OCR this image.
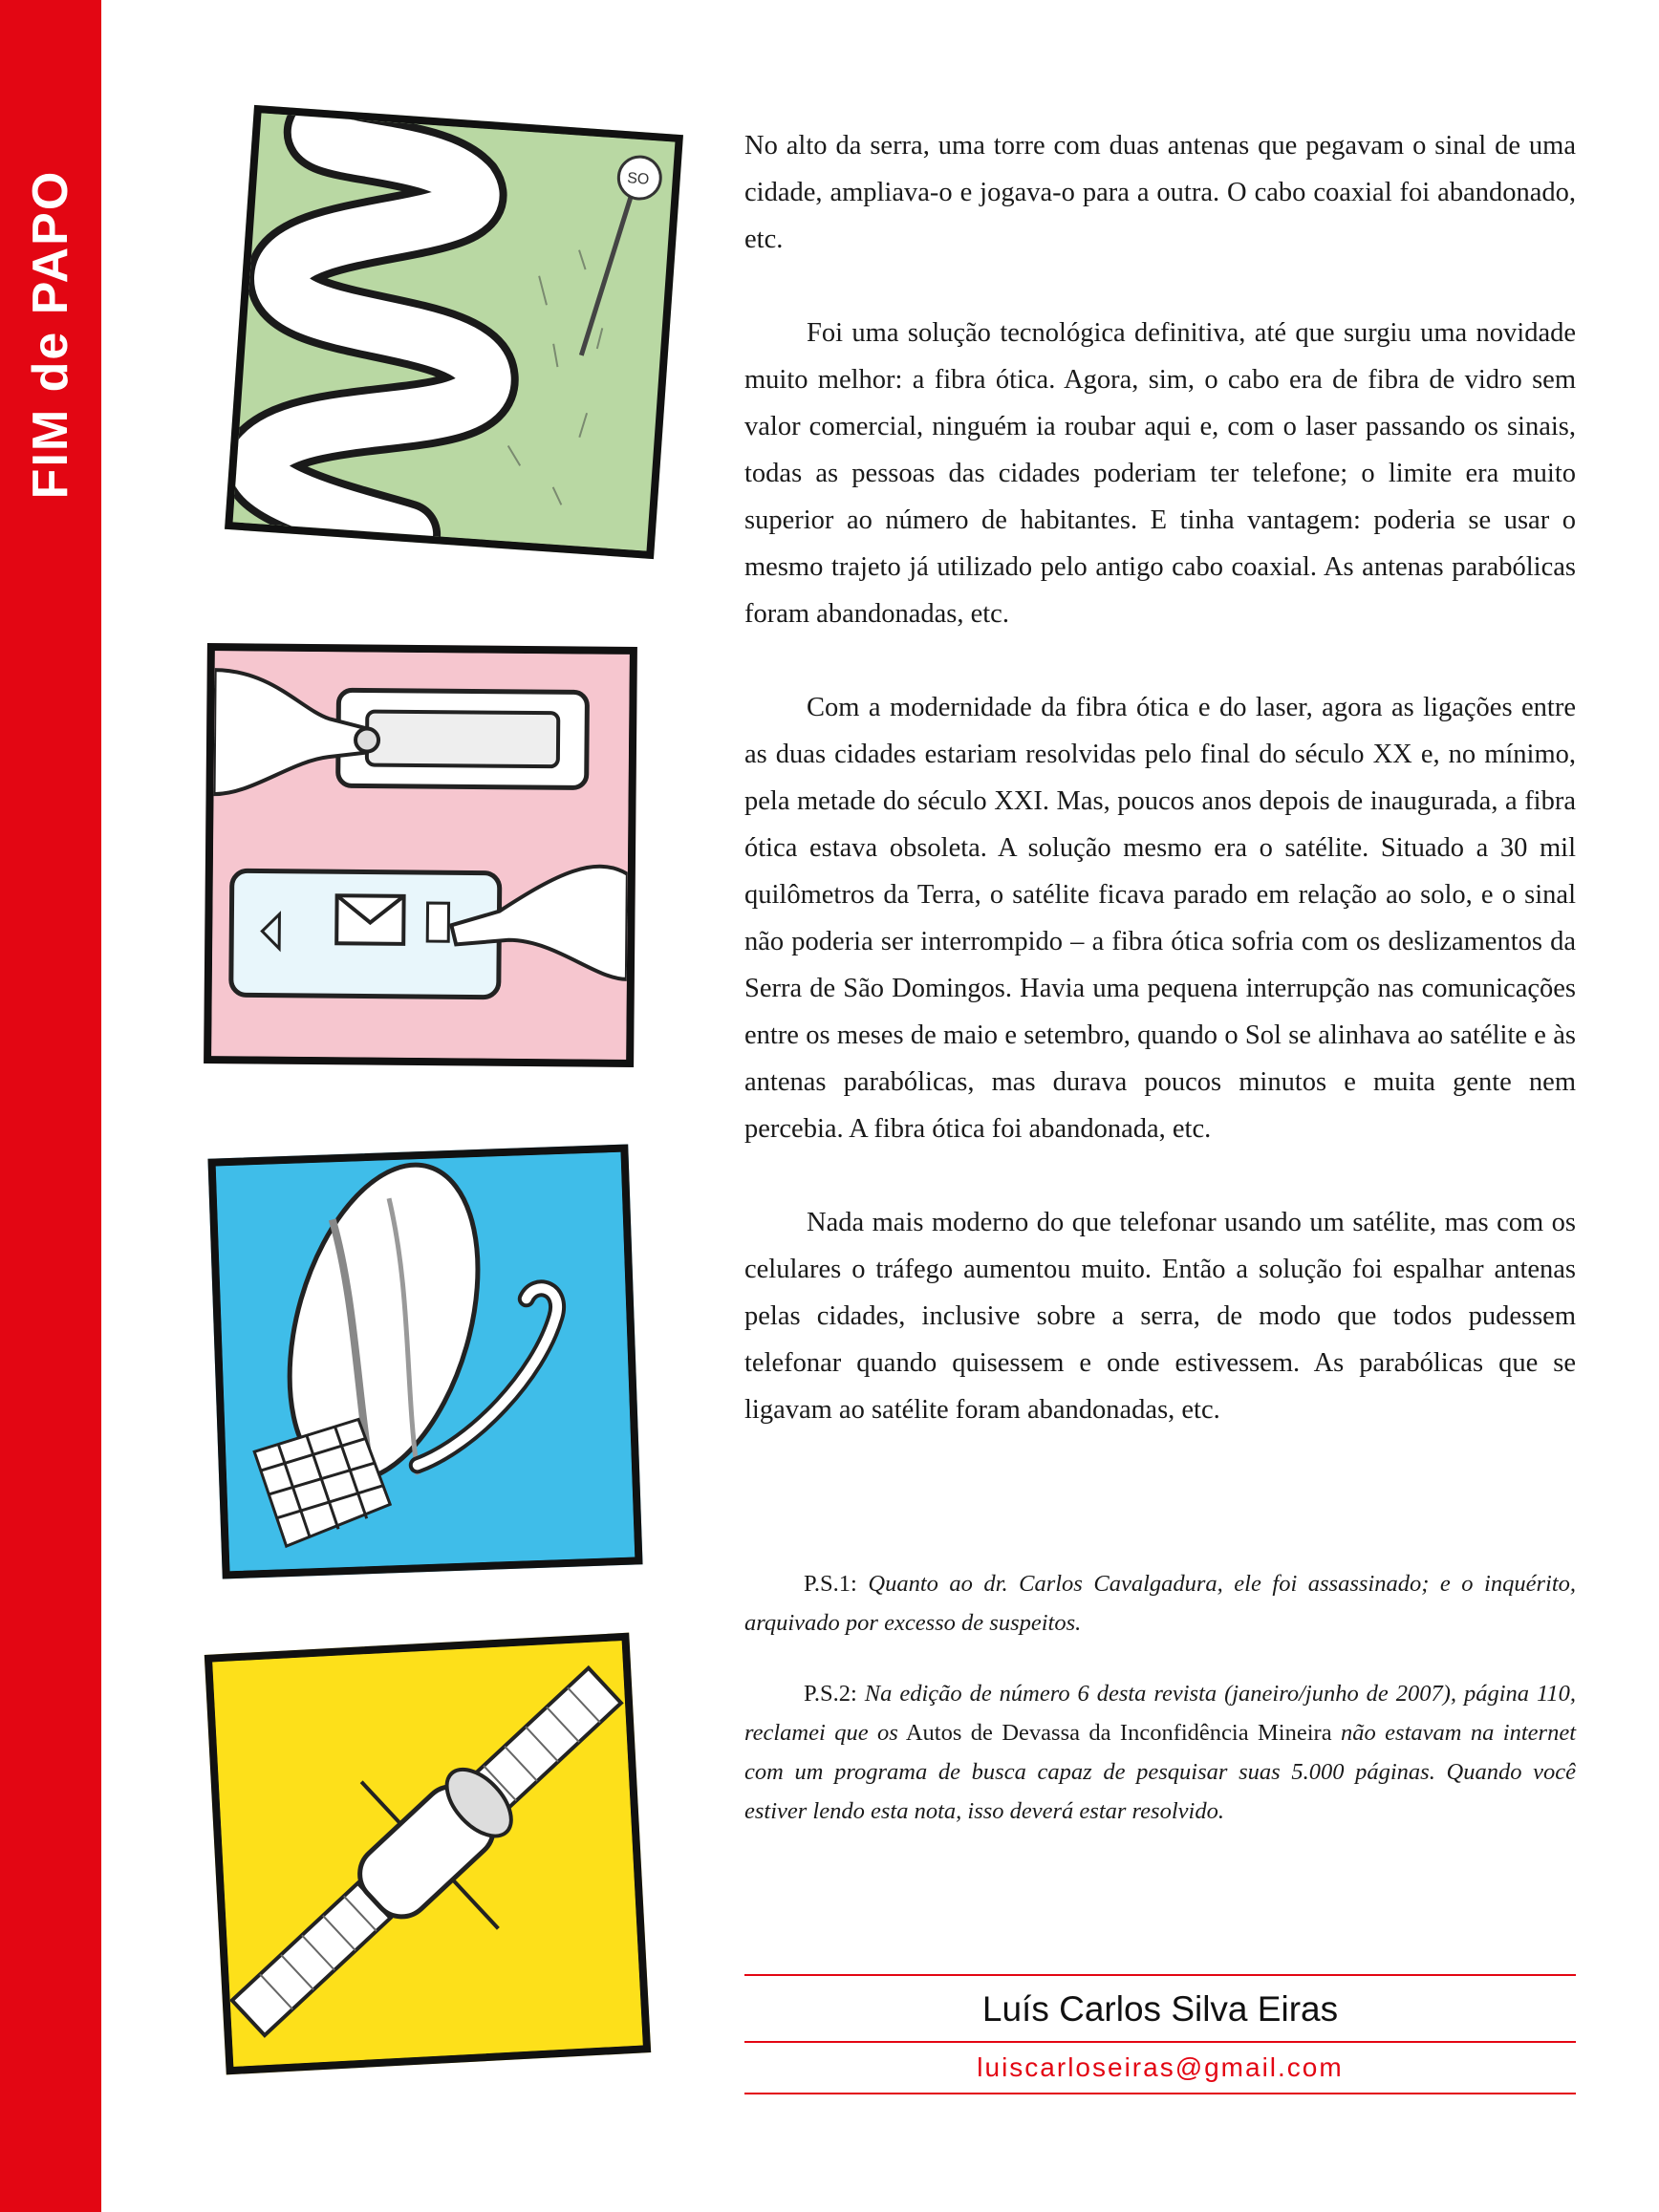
FIM de PAPO	SO

No alto da serra, uma torre com duas antenas que pegavam o sinal de uma cidade, ampliava-o e jogava-o para a outra. O cabo coaxial foi abandonado, etc.

Foi uma solução tecnológica definitiva, até que surgiu uma novidade muito melhor: a fibra ótica. Agora, sim, o cabo era de fibra de vidro sem valor comercial, ninguém ia roubar aqui e, com o laser passando os sinais, todas as pessoas das cidades poderiam ter telefone; o limite era muito superior ao número de habitantes. E tinha vantagem: poderia se usar o mesmo trajeto já utilizado pelo antigo cabo coaxial. As antenas parabólicas foram abandonadas, etc.

Com a modernidade da fibra ótica e do laser, agora as ligações entre as duas cidades estariam resolvidas pelo final do século XX e, no mínimo, pela metade do século XXI. Mas, poucos anos depois de inaugurada, a fibra ótica estava obsoleta. A solução mesmo era o satélite. Situado a 30 mil quilômetros da Terra, o satélite ficava parado em relação ao solo, e o sinal não poderia ser interrompido – a fibra ótica sofria com os deslizamentos da Serra de São Domingos. Havia uma pequena interrupção nas comunicações entre os meses de maio e setembro, quando o Sol se alinhava ao satélite e às antenas parabólicas, mas durava poucos minutos e muita gente nem percebia. A fibra ótica foi abandonada, etc.

Nada mais moderno do que telefonar usando um satélite, mas com os celulares o tráfego aumentou muito. Então a solução foi espalhar antenas pelas cidades, inclusive sobre a serra, de modo que todos pudessem telefonar quando quisessem e onde estivessem. As parabólicas que se ligavam ao satélite foram abandonadas, etc.

P.S.1: Quanto ao dr. Carlos Cavalgadura, ele foi assassinado; e o inquérito, arquivado por excesso de suspeitos.
P.S.2: Na edição de número 6 desta revista (janeiro/junho de 2007), página 110, reclamei que os Autos de Devassa da Inconfidência Mineira não estavam na internet com um programa de busca capaz de pesquisar suas 5.000 páginas. Quando você estiver lendo esta nota, isso deverá estar resolvido.
Luís Carlos Silva Eiras
luiscarloseiras@gmail.com
